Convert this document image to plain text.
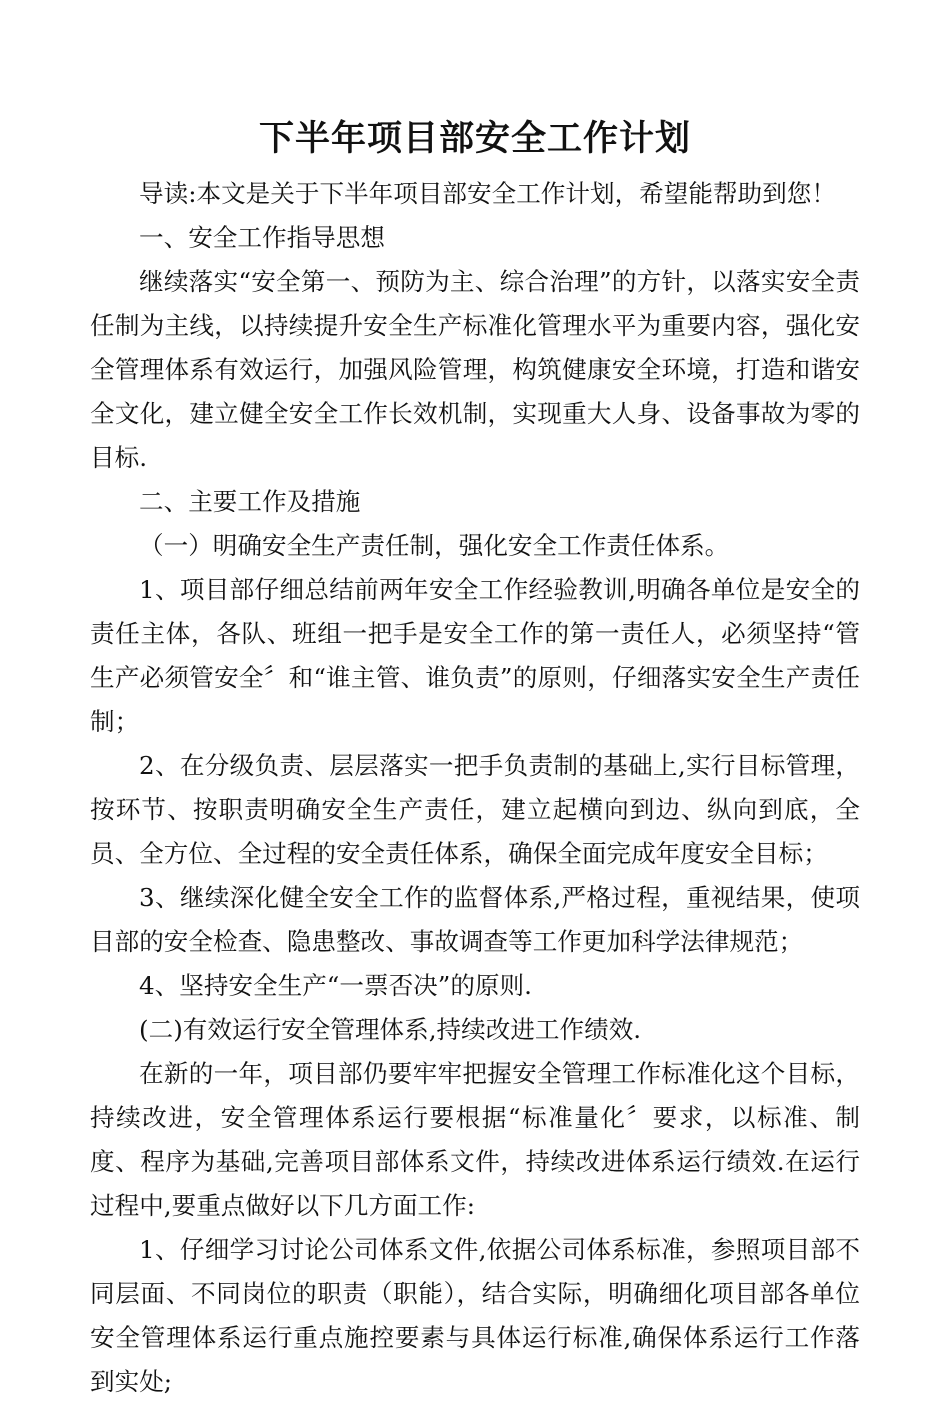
下半年项目部安全工作计划

导读:本文是关于下半年项目部安全工作计划，希望能帮助到您！

一、安全工作指导思想

继续落实“安全第一、预防为主、综合治理”的方针，以落实安全责任制为主线，以持续提升安全生产标准化管理水平为重要内容，强化安全管理体系有效运行，加强风险管理，构筑健康安全环境，打造和谐安全文化，建立健全安全工作长效机制，实现重大人身、设备事故为零的目标.

二、主要工作及措施

（一）明确安全生产责任制，强化安全工作责任体系。

1、项目部仔细总结前两年安全工作经验教训,明确各单位是安全的责任主体，各队、班组一把手是安全工作的第一责任人，必须坚持“管生产必须管安全〞和“谁主管、谁负责”的原则，仔细落实安全生产责任制；

2、在分级负责、层层落实一把手负责制的基础上,实行目标管理，按环节、按职责明确安全生产责任，建立起横向到边、纵向到底，全员、全方位、全过程的安全责任体系，确保全面完成年度安全目标；

3、继续深化健全安全工作的监督体系,严格过程，重视结果，使项目部的安全检查、隐患整改、事故调查等工作更加科学法律规范；

4、坚持安全生产“一票否决”的原则.

(二)有效运行安全管理体系,持续改进工作绩效.

在新的一年，项目部仍要牢牢把握安全管理工作标准化这个目标，持续改进，安全管理体系运行要根据“标准量化〞要求，以标准、制度、程序为基础,完善项目部体系文件，持续改进体系运行绩效.在运行过程中,要重点做好以下几方面工作:

1、仔细学习讨论公司体系文件,依据公司体系标准，参照项目部不同层面、不同岗位的职责（职能），结合实际，明确细化项目部各单位安全管理体系运行重点施控要素与具体运行标准,确保体系运行工作落到实处;
